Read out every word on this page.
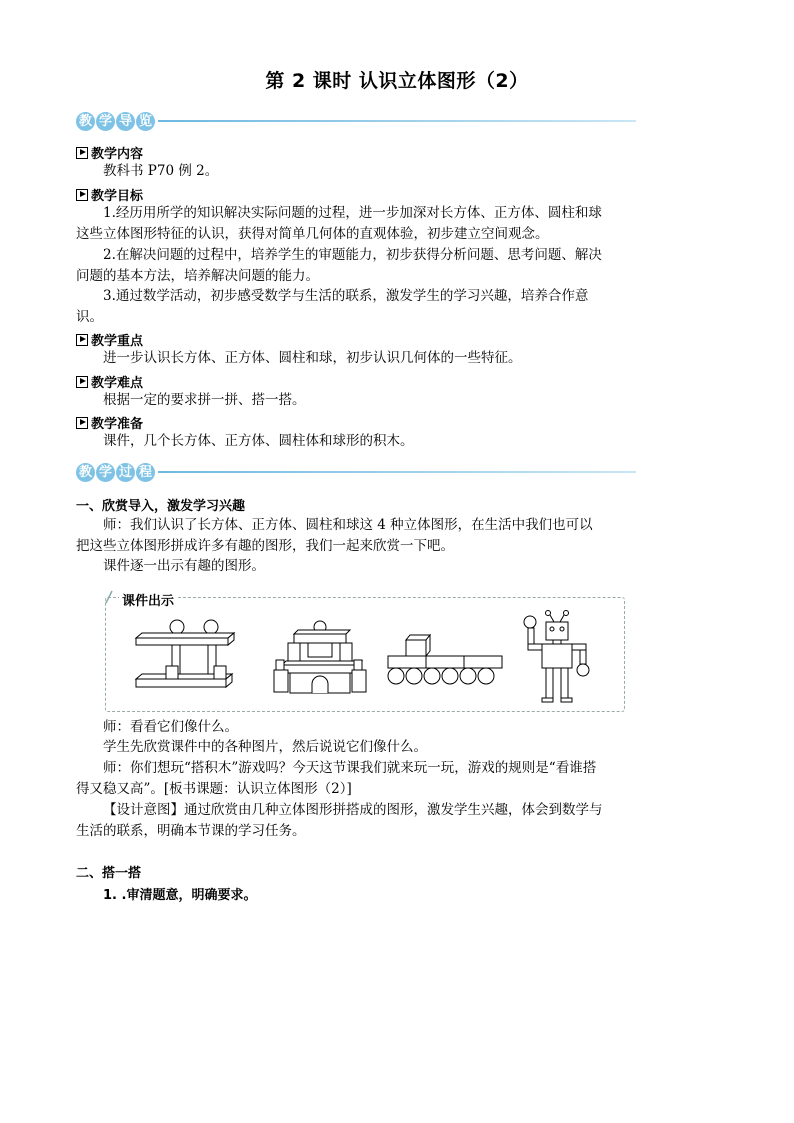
第 2 课时 认识立体图形（2）
教 学 导 览
教学内容
教科书 P70 例 2。
教学目标
1.经历用所学的知识解决实际问题的过程，进一步加深对长方体、正方体、圆柱和球这些立体图形特征的认识，获得对简单几何体的直观体验，初步建立空间观念。
2.在解决问题的过程中，培养学生的审题能力，初步获得分析问题、思考问题、解决问题的基本方法，培养解决问题的能力。
3.通过数学活动，初步感受数学与生活的联系，激发学生的学习兴趣，培养合作意识。
教学重点
进一步认识长方体、正方体、圆柱和球，初步认识几何体的一些特征。
教学难点
根据一定的要求拼一拼、搭一搭。
教学准备
课件，几个长方体、正方体、圆柱体和球形的积木。
教 学 过 程
一、欣赏导入，激发学习兴趣
师：我们认识了长方体、正方体、圆柱和球这 4 种立体图形，在生活中我们也可以把这些立体图形拼成许多有趣的图形，我们一起来欣赏一下吧。
课件逐一出示有趣的图形。
课件出示
师：看看它们像什么。
学生先欣赏课件中的各种图片，然后说说它们像什么。
师：你们想玩“搭积木”游戏吗？今天这节课我们就来玩一玩，游戏的规则是“看谁搭得又稳又高”。[板书课题：认识立体图形（2）]
【设计意图】通过欣赏由几种立体图形拼搭成的图形，激发学生兴趣，体会到数学与生活的联系，明确本节课的学习任务。
二、搭一搭
1. .审清题意，明确要求。
